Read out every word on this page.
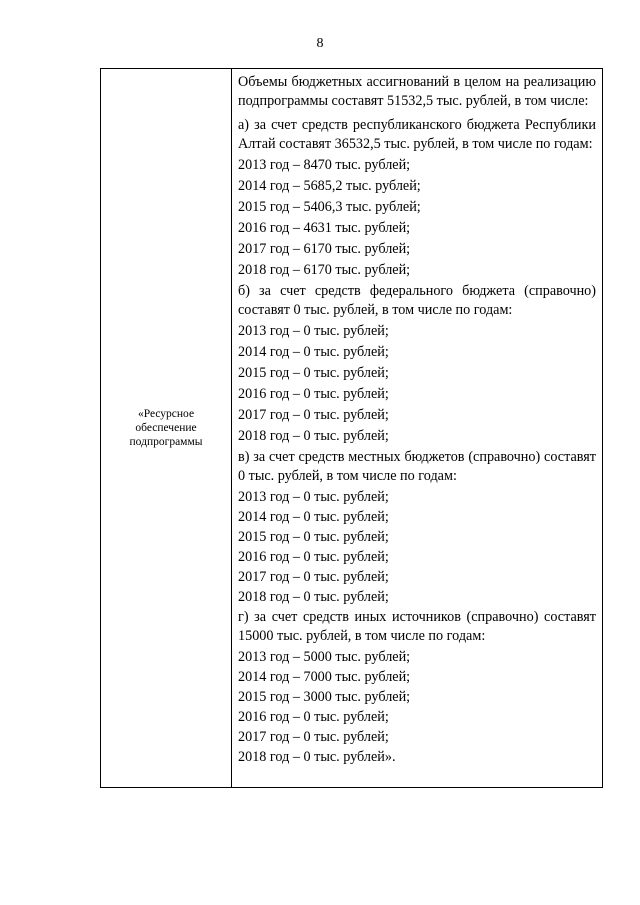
8
«Ресурсное обеспечение подпрограммы

Объемы бюджетных ассигнований в целом на реализацию подпрограммы составят 51532,5 тыс. рублей, в том числе:
а) за счет средств республиканского бюджета Республики Алтай составят 36532,5 тыс. рублей, в том числе по годам:
2013 год – 8470 тыс. рублей;
2014 год – 5685,2 тыс. рублей;
2015 год – 5406,3 тыс. рублей;
2016 год – 4631 тыс. рублей;
2017 год – 6170 тыс. рублей;
2018 год – 6170 тыс. рублей;
б) за счет средств федерального бюджета (справочно) составят 0 тыс. рублей, в том числе по годам:
2013 год – 0 тыс. рублей;
2014 год – 0 тыс. рублей;
2015 год – 0 тыс. рублей;
2016 год – 0 тыс. рублей;
2017 год – 0 тыс. рублей;
2018 год – 0 тыс. рублей;
в) за счет средств местных бюджетов (справочно) составят 0 тыс. рублей, в том числе по годам:
2013 год – 0 тыс. рублей;
2014 год – 0 тыс. рублей;
2015 год – 0 тыс. рублей;
2016 год – 0 тыс. рублей;
2017 год – 0 тыс. рублей;
2018 год – 0 тыс. рублей;
г) за счет средств иных источников (справочно) составят 15000 тыс. рублей, в том числе по годам:
2013 год – 5000 тыс. рублей;
2014 год – 7000 тыс. рублей;
2015 год – 3000 тыс. рублей;
2016 год – 0 тыс. рублей;
2017 год – 0 тыс. рублей;
2018 год – 0 тыс. рублей».
